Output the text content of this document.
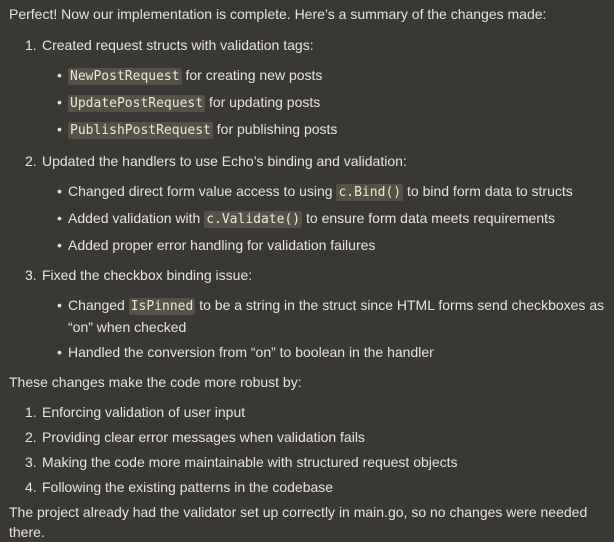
Perfect! Now our implementation is complete. Here’s a summary of the changes made:

1. Created request structs with validation tags:
• NewPostRequest for creating new posts
• UpdatePostRequest for updating posts
• PublishPostRequest for publishing posts
2. Updated the handlers to use Echo’s binding and validation:
• Changed direct form value access to using c.Bind() to bind form data to structs
• Added validation with c.Validate() to ensure form data meets requirements
• Added proper error handling for validation failures
3. Fixed the checkbox binding issue:
• Changed IsPinned to be a string in the struct since HTML forms send checkboxes as “on” when checked
• Handled the conversion from “on” to boolean in the handler

These changes make the code more robust by:

1. Enforcing validation of user input
2. Providing clear error messages when validation fails
3. Making the code more maintainable with structured request objects
4. Following the existing patterns in the codebase

The project already had the validator set up correctly in main.go, so no changes were needed there.
